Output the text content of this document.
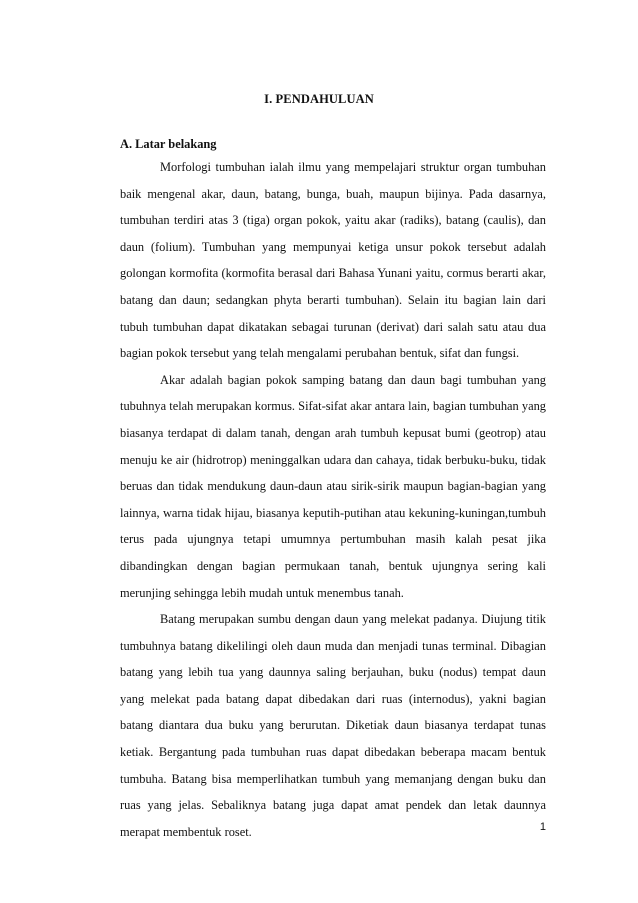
I. PENDAHULUAN

A. Latar belakang

Morfologi tumbuhan ialah ilmu yang mempelajari struktur organ tumbuhan baik mengenal akar, daun, batang, bunga, buah, maupun bijinya. Pada dasarnya, tumbuhan terdiri atas 3 (tiga) organ pokok, yaitu akar (radiks), batang (caulis), dan daun (folium). Tumbuhan yang mempunyai ketiga unsur pokok tersebut adalah golongan kormofita (kormofita berasal dari Bahasa Yunani yaitu, cormus berarti akar, batang dan daun; sedangkan phyta berarti tumbuhan). Selain itu bagian lain dari tubuh tumbuhan dapat dikatakan sebagai turunan (derivat) dari salah satu atau dua bagian pokok tersebut yang telah mengalami perubahan bentuk, sifat dan fungsi.

Akar adalah bagian pokok samping batang dan daun bagi tumbuhan yang tubuhnya telah merupakan kormus. Sifat-sifat akar antara lain, bagian tumbuhan yang biasanya terdapat di dalam tanah, dengan arah tumbuh kepusat bumi (geotrop) atau menuju ke air (hidrotrop) meninggalkan udara dan cahaya, tidak berbuku-buku, tidak beruas dan tidak mendukung daun-daun atau sirik-sirik maupun bagian-bagian yang lainnya, warna tidak hijau, biasanya keputih-putihan atau kekuning-kuningan,tumbuh terus pada ujungnya tetapi umumnya pertumbuhan masih kalah pesat jika dibandingkan dengan bagian permukaan tanah, bentuk ujungnya sering kali merunjing sehingga lebih mudah untuk menembus tanah.

Batang merupakan sumbu dengan daun yang melekat padanya. Diujung titik tumbuhnya batang dikelilingi oleh daun muda dan menjadi tunas terminal. Dibagian batang yang lebih tua yang daunnya saling berjauhan, buku (nodus) tempat daun yang melekat pada batang dapat dibedakan dari ruas (internodus), yakni bagian batang diantara dua buku yang berurutan. Diketiak daun biasanya terdapat tunas ketiak. Bergantung pada tumbuhan ruas dapat dibedakan beberapa macam bentuk tumbuha. Batang bisa memperlihatkan tumbuh yang memanjang dengan buku dan ruas yang jelas. Sebaliknya batang juga dapat amat pendek dan letak daunnya merapat membentuk roset.	1
